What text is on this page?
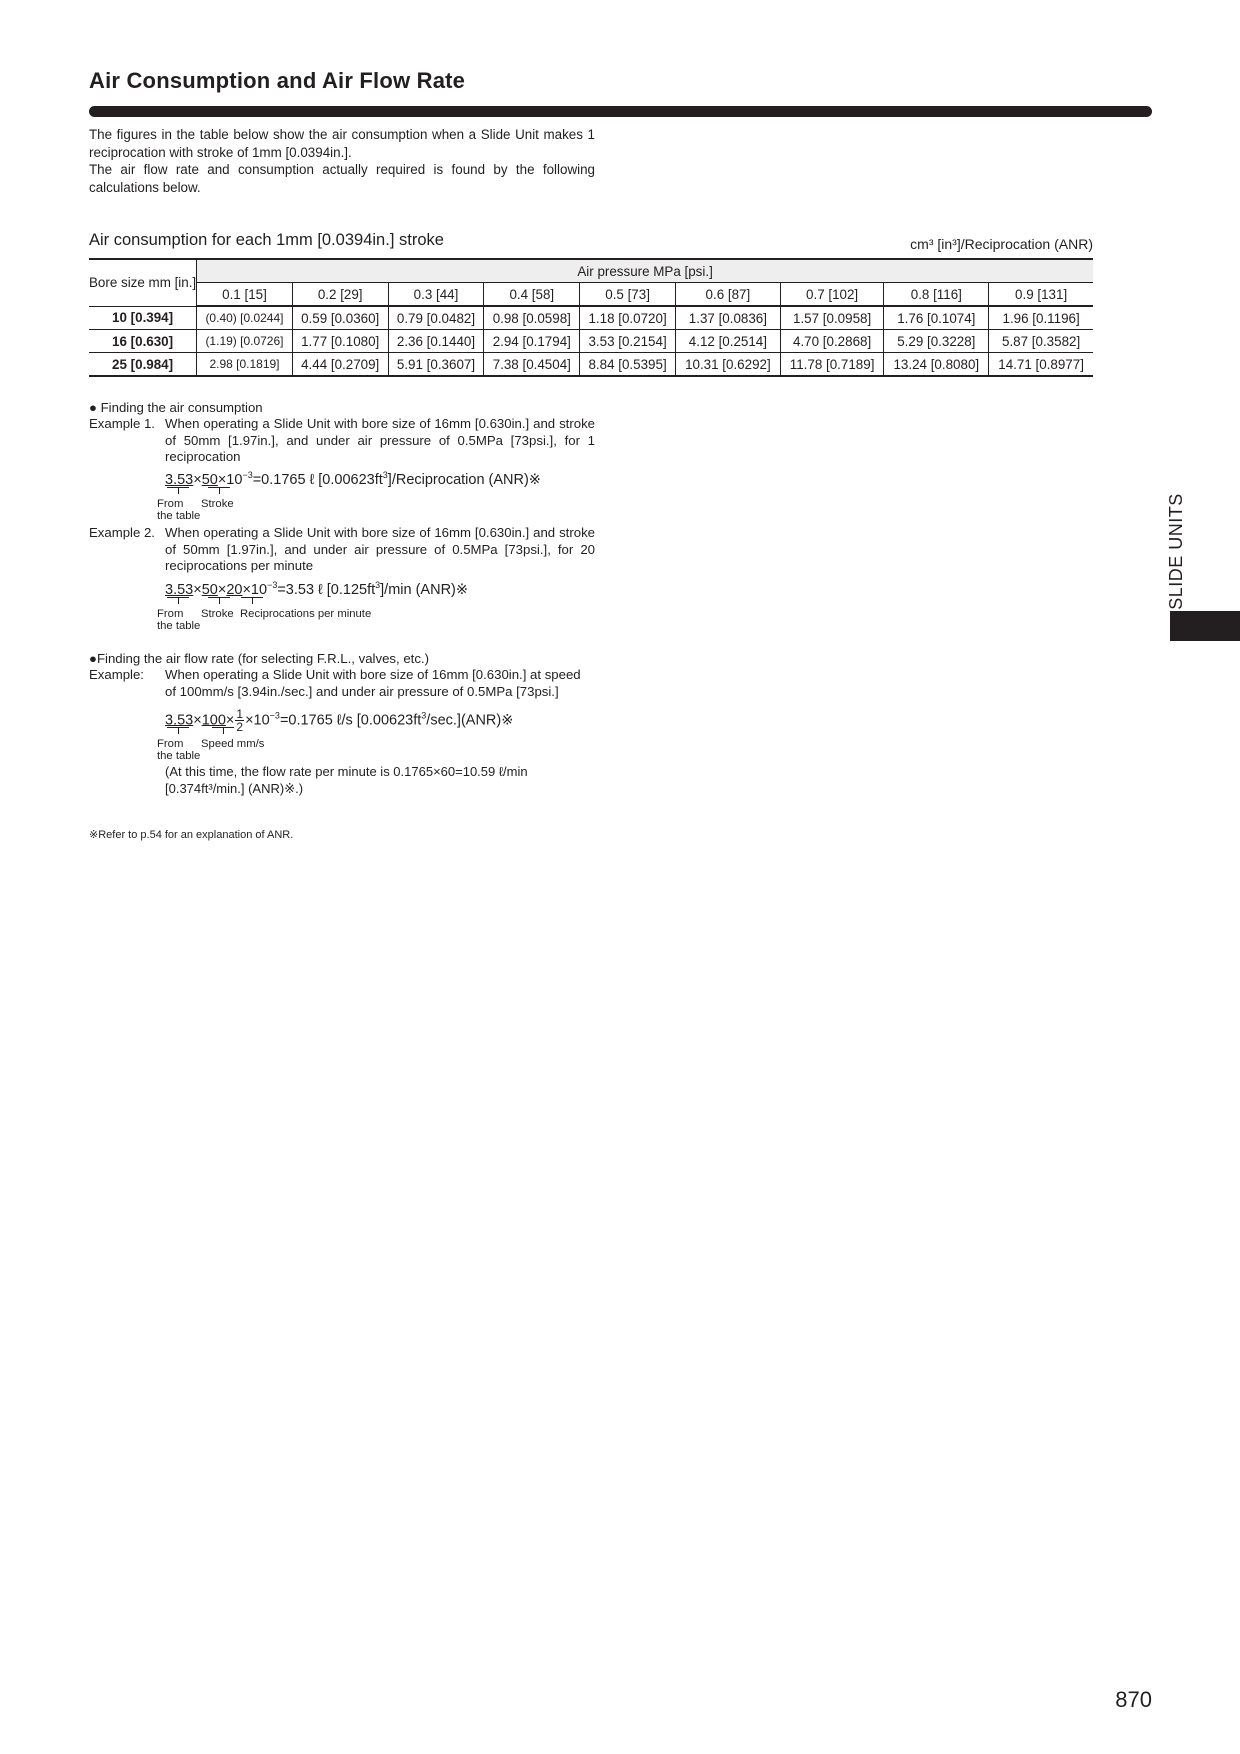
Air Consumption and Air Flow Rate

The figures in the table below show the air consumption when a Slide Unit makes 1 reciprocation with stroke of 1mm [0.0394in.].

The air flow rate and consumption actually required is found by the following calculations below.

Air consumption for each 1mm [0.0394in.] stroke	cm³ [in³]/Reciprocation (ANR)
Bore size mm [in.]	Air pressure MPa [psi.]								
	0.1 [15]	0.2 [29]	0.3 [44]	0.4 [58]	0.5 [73]	0.6 [87]	0.7 [102]	0.8 [116]	0.9 [131]
10 [0.394]	(0.40) [0.0244]	0.59 [0.0360]	0.79 [0.0482]	0.98 [0.0598]	1.18 [0.0720]	1.37 [0.0836]	1.57 [0.0958]	1.76 [0.1074]	1.96 [0.1196]
16 [0.630]	(1.19) [0.0726]	1.77 [0.1080]	2.36 [0.1440]	2.94 [0.1794]	3.53 [0.2154]	4.12 [0.2514]	4.70 [0.2868]	5.29 [0.3228]	5.87 [0.3582]
25 [0.984]	2.98 [0.1819]	4.44 [0.2709]	5.91 [0.3607]	7.38 [0.4504]	8.84 [0.5395]	10.31 [0.6292]	11.78 [0.7189]	13.24 [0.8080]	14.71 [0.8977]
● Finding the air consumption
Example 1. When operating a Slide Unit with bore size of 16mm [0.630in.] and stroke of 50mm [1.97in.], and under air pressure of 0.5MPa [73psi.], for 1 reciprocation
$3.53\times 50\times 10^{-3}=0.1765$ ℓ $[0.00623ft^3]$/Reciprocation (ANR)※
From
the table
Stroke
Example 2. When operating a Slide Unit with bore size of 16mm [0.630in.] and stroke of 50mm [1.97in.], and under air pressure of 0.5MPa [73psi.], for 20 reciprocations per minute
$3.53\times 50\times 20\times 10^{-3}=3.53$ ℓ $[0.125ft^3]/\min$ (ANR)※
From
the table
Stroke Reciprocations per minute
●Finding the air flow rate (for selecting F.R.L., valves, etc.)
Example: When operating a Slide Unit with bore size of 16mm [0.630in.] at speed of 100mm/s [3.94in./sec.] and under air pressure of 0.5MPa [73psi.]
$3.53\times 100\times \frac{1}{2} \times 10^{-3}=0.1765$ ℓ/s $[0.00623ft^3/\sec.](ANR)※$
From
the table
Speed mm/s
(At this time, the flow rate per minute is 0.1765×60=10.59 ℓ/min
[0.374ft³/min.] (ANR)※.)
※Refer to p.54 for an explanation of ANR.
SLIDE UNITS
870
